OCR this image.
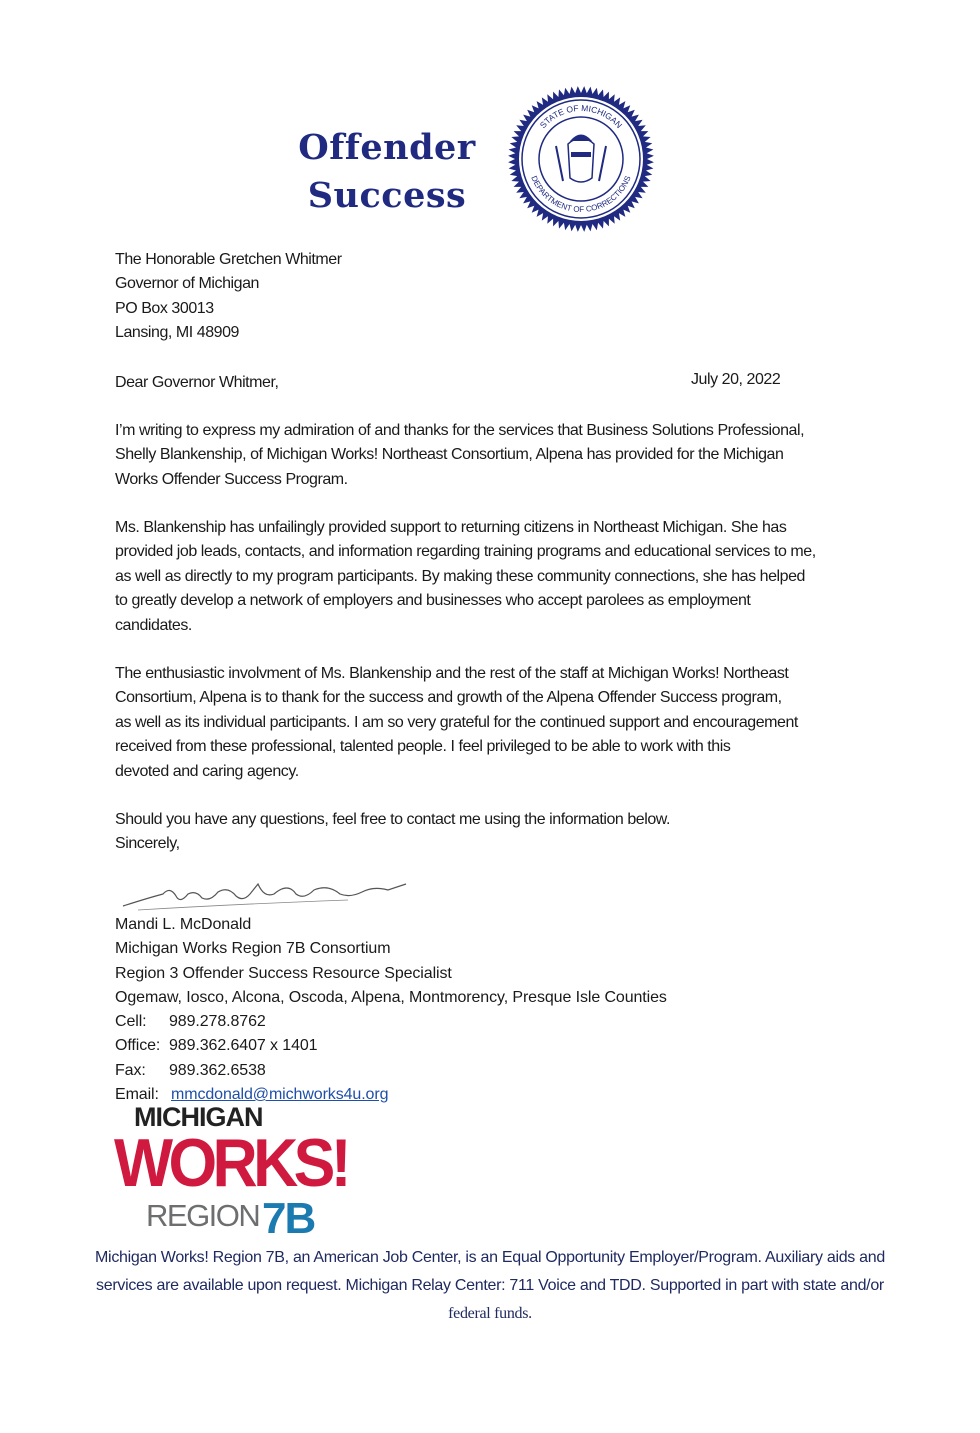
Offender
Success
STATE OF MICHIGAN
DEPARTMENT OF CORRECTIONS
The Honorable Gretchen Whitmer
Governor of Michigan
PO Box 30013
Lansing, MI 48909
Dear Governor Whitmer,	July 20, 2022
I’m writing to express my admiration of and thanks for the services that Business Solutions Professional,
Shelly Blankenship, of Michigan Works! Northeast Consortium, Alpena has provided for the Michigan
Works Offender Success Program.
Ms. Blankenship has unfailingly provided support to returning citizens in Northeast Michigan. She has
provided job leads, contacts, and information regarding training programs and educational services to me,
as well as directly to my program participants. By making these community connections, she has helped
to greatly develop a network of employers and businesses who accept parolees as employment
candidates.
The enthusiastic involvment of Ms. Blankenship and the rest of the staff at Michigan Works! Northeast
Consortium, Alpena is to thank for the success and growth of the Alpena Offender Success program,
as well as its individual participants. I am so very grateful for the continued support and encouragement
received from these professional, talented people. I feel privileged to be able to work with this
devoted and caring agency.
Should you have any questions, feel free to contact me using the information below.
Sincerely,
Mandi L. McDonald
Michigan Works Region 7B Consortium
Region 3 Offender Success Resource Specialist
Ogemaw, Iosco, Alcona, Oscoda, Alpena, Montmorency, Presque Isle Counties
Cell: 989.278.8762
Office: 989.362.6407 x 1401
Fax: 989.362.6538
Email: mmcdonald@michworks4u.org
MICHIGAN
WORKS!
REGION 7B
Michigan Works! Region 7B, an American Job Center, is an Equal Opportunity Employer/Program. Auxiliary aids and
services are available upon request. Michigan Relay Center: 711 Voice and TDD. Supported in part with state and/or
federal funds.
